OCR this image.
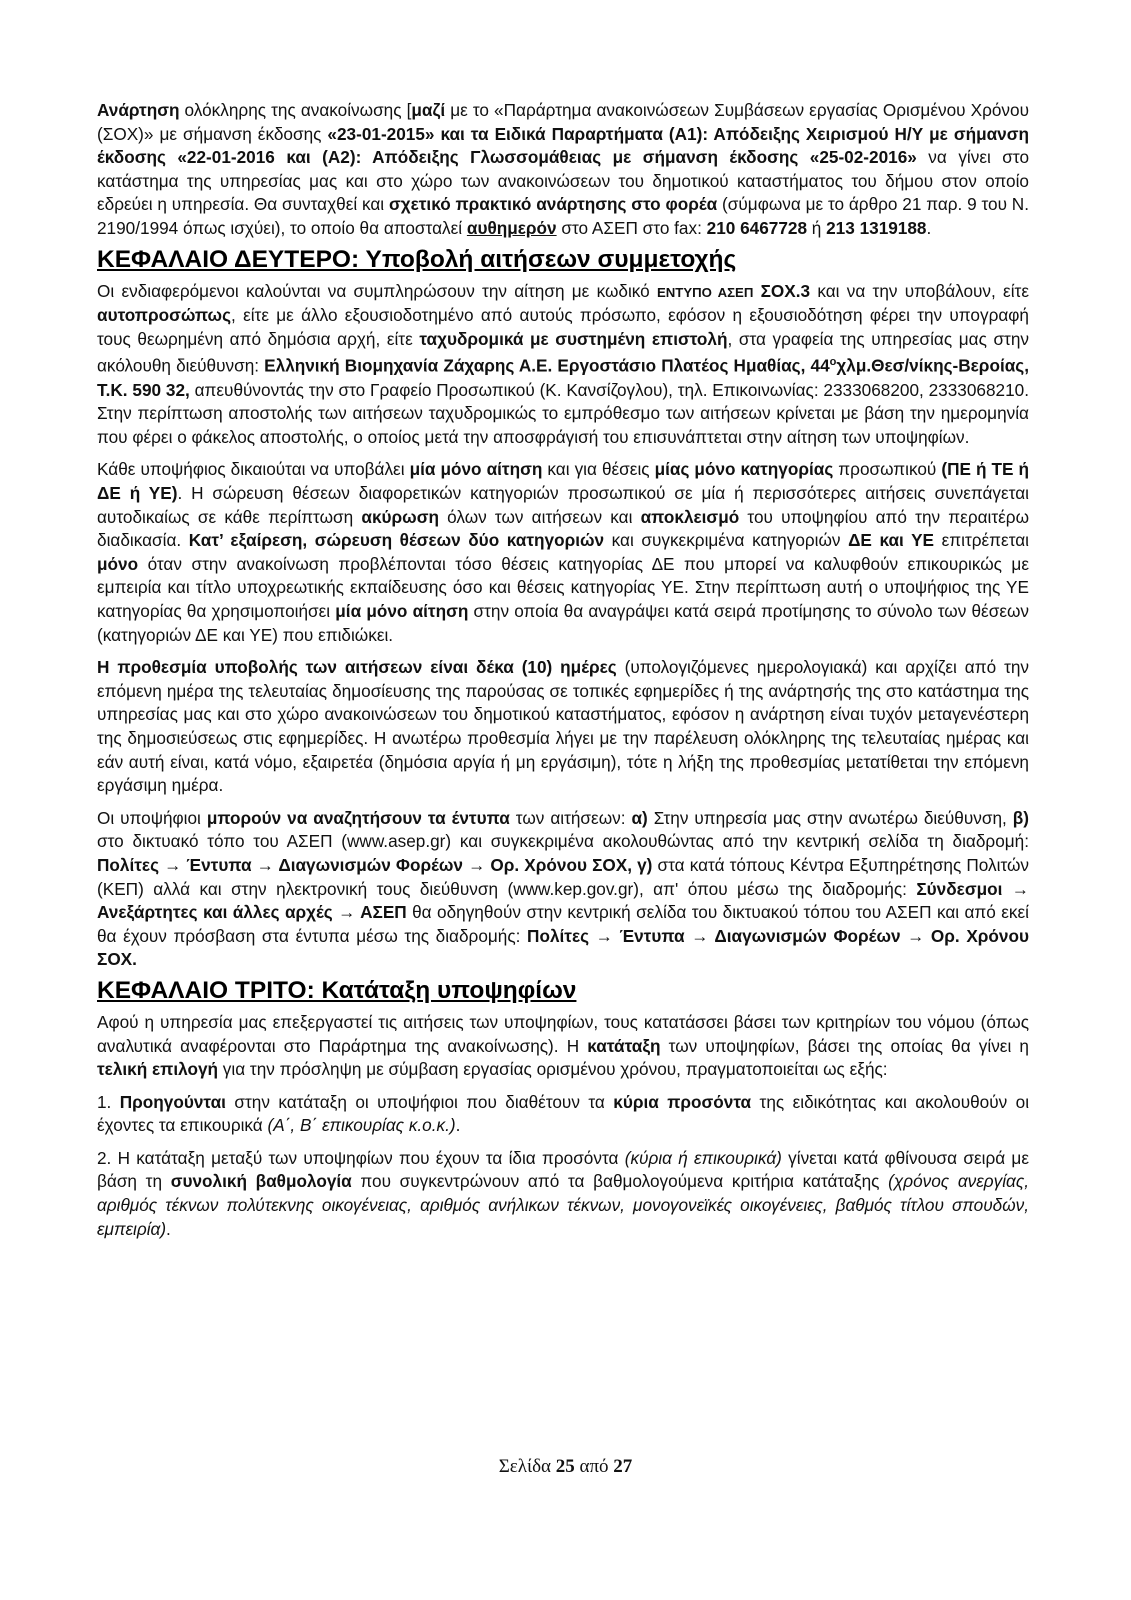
Ανάρτηση ολόκληρης της ανακοίνωσης [μαζί με το «Παράρτημα ανακοινώσεων Συμβάσεων εργασίας Ορισμένου Χρόνου (ΣΟΧ)» με σήμανση έκδοσης «23-01-2015» και τα Ειδικά Παραρτήματα (Α1): Απόδειξης Χειρισμού Η/Υ με σήμανση έκδοσης «22-01-2016 και (Α2): Απόδειξης Γλωσσομάθειας με σήμανση έκδοσης «25-02-2016» να γίνει στο κατάστημα της υπηρεσίας μας και στο χώρο των ανακοινώσεων του δημοτικού καταστήματος του δήμου στον οποίο εδρεύει η υπηρεσία. Θα συνταχθεί και σχετικό πρακτικό ανάρτησης στο φορέα (σύμφωνα με το άρθρο 21 παρ. 9 του Ν. 2190/1994 όπως ισχύει), το οποίο θα αποσταλεί αυθημερόν στο ΑΣΕΠ στο fax: 210 6467728 ή 213 1319188.

ΚΕΦΑΛΑΙΟ ΔΕΥΤΕΡΟ: Υποβολή αιτήσεων συμμετοχής

Οι ενδιαφερόμενοι καλούνται να συμπληρώσουν την αίτηση με κωδικό ΕΝΤΥΠΟ ΑΣΕΠ ΣΟΧ.3 και να την υποβάλουν, είτε αυτοπροσώπως, είτε με άλλο εξουσιοδοτημένο από αυτούς πρόσωπο, εφόσον η εξουσιοδότηση φέρει την υπογραφή τους θεωρημένη από δημόσια αρχή, είτε ταχυδρομικά με συστημένη επιστολή, στα γραφεία της υπηρεσίας μας στην ακόλουθη διεύθυνση: Ελληνική Βιομηχανία Ζάχαρης Α.Ε. Εργοστάσιο Πλατέος Ημαθίας, $44^o\chi\lambda\mu.\Theta\varepsilon\sigma/\nu ί\kappa\eta\varsigma$-Βεροίας, Τ.Κ. 590 32, απευθύνοντάς την στο Γραφείο Προσωπικού (Κ. Κανσίζογλου), τηλ. Επικοινωνίας: 2333068200, 2333068210. Στην περίπτωση αποστολής των αιτήσεων ταχυδρομικώς το εμπρόθεσμο των αιτήσεων κρίνεται με βάση την ημερομηνία που φέρει ο φάκελος αποστολής, ο οποίος μετά την αποσφράγισή του επισυνάπτεται στην αίτηση των υποψηφίων.

Κάθε υποψήφιος δικαιούται να υποβάλει μία μόνο αίτηση και για θέσεις μίας μόνο κατηγορίας προσωπικού (ΠΕ ή ΤΕ ή ΔΕ ή ΥΕ). Η σώρευση θέσεων διαφορετικών κατηγοριών προσωπικού σε μία ή περισσότερες αιτήσεις συνεπάγεται αυτοδικαίως σε κάθε περίπτωση ακύρωση όλων των αιτήσεων και αποκλεισμό του υποψηφίου από την περαιτέρω διαδικασία. Κατ’ εξαίρεση, σώρευση θέσεων δύο κατηγοριών και συγκεκριμένα κατηγοριών ΔΕ και ΥΕ επιτρέπεται μόνο όταν στην ανακοίνωση προβλέπονται τόσο θέσεις κατηγορίας ΔΕ που μπορεί να καλυφθούν επικουρικώς με εμπειρία και τίτλο υποχρεωτικής εκπαίδευσης όσο και θέσεις κατηγορίας ΥΕ. Στην περίπτωση αυτή ο υποψήφιος της ΥΕ κατηγορίας θα χρησιμοποιήσει μία μόνο αίτηση στην οποία θα αναγράψει κατά σειρά προτίμησης το σύνολο των θέσεων (κατηγοριών ΔΕ και ΥΕ) που επιδιώκει.

Η προθεσμία υποβολής των αιτήσεων είναι δέκα (10) ημέρες (υπολογιζόμενες ημερολογιακά) και αρχίζει από την επόμενη ημέρα της τελευταίας δημοσίευσης της παρούσας σε τοπικές εφημερίδες ή της ανάρτησής της στο κατάστημα της υπηρεσίας μας και στο χώρο ανακοινώσεων του δημοτικού καταστήματος, εφόσον η ανάρτηση είναι τυχόν μεταγενέστερη της δημοσιεύσεως στις εφημερίδες. Η ανωτέρω προθεσμία λήγει με την παρέλευση ολόκληρης της τελευταίας ημέρας και εάν αυτή είναι, κατά νόμο, εξαιρετέα (δημόσια αργία ή μη εργάσιμη), τότε η λήξη της προθεσμίας μετατίθεται την επόμενη εργάσιμη ημέρα.

Οι υποψήφιοι μπορούν να αναζητήσουν τα έντυπα των αιτήσεων: α) Στην υπηρεσία μας στην ανωτέρω διεύθυνση, β) στο δικτυακό τόπο του ΑΣΕΠ (www.asep.gr) και συγκεκριμένα ακολουθώντας από την κεντρική σελίδα τη διαδρομή: Πολίτες → Έντυπα → Διαγωνισμών Φορέων → Ορ. Χρόνου ΣΟΧ, γ) στα κατά τόπους Κέντρα Εξυπηρέτησης Πολιτών (ΚΕΠ) αλλά και στην ηλεκτρονική τους διεύθυνση (www.kep.gov.gr), απ' όπου μέσω της διαδρομής: Σύνδεσμοι → Ανεξάρτητες και άλλες αρχές → ΑΣΕΠ θα οδηγηθούν στην κεντρική σελίδα του δικτυακού τόπου του ΑΣΕΠ και από εκεί θα έχουν πρόσβαση στα έντυπα μέσω της διαδρομής: Πολίτες → Έντυπα → Διαγωνισμών Φορέων → Ορ. Χρόνου ΣΟΧ.

ΚΕΦΑΛΑΙΟ ΤΡΙΤΟ: Κατάταξη υποψηφίων

Αφού η υπηρεσία μας επεξεργαστεί τις αιτήσεις των υποψηφίων, τους κατατάσσει βάσει των κριτηρίων του νόμου (όπως αναλυτικά αναφέρονται στο Παράρτημα της ανακοίνωσης). Η κατάταξη των υποψηφίων, βάσει της οποίας θα γίνει η τελική επιλογή για την πρόσληψη με σύμβαση εργασίας ορισμένου χρόνου, πραγματοποιείται ως εξής:

1. Προηγούνται στην κατάταξη οι υποψήφιοι που διαθέτουν τα κύρια προσόντα της ειδικότητας και ακολουθούν οι έχοντες τα επικουρικά (Α΄, Β΄ επικουρίας κ.ο.κ.).

2. Η κατάταξη μεταξύ των υποψηφίων που έχουν τα ίδια προσόντα (κύρια ή επικουρικά) γίνεται κατά φθίνουσα σειρά με βάση τη συνολική βαθμολογία που συγκεντρώνουν από τα βαθμολογούμενα κριτήρια κατάταξης (χρόνος ανεργίας, αριθμός τέκνων πολύτεκνης οικογένειας, αριθμός ανήλικων τέκνων, μονογονεϊκές οικογένειες, βαθμός τίτλου σπουδών, εμπειρία).

Σελίδα 25 από 27
